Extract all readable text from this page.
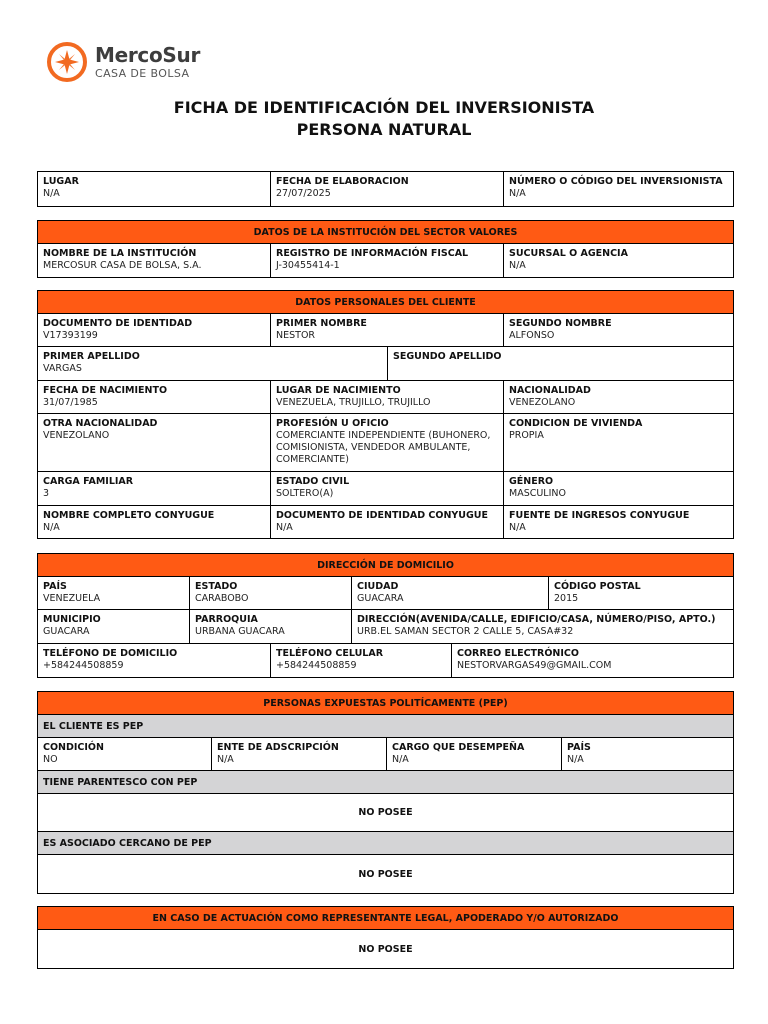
MercoSur
CASA DE BOLSA
FICHA DE IDENTIFICACIÓN DEL INVERSIONISTA
PERSONA NATURAL
LUGAR
N/A
FECHA DE ELABORACION
27/07/2025
NÚMERO O CÓDIGO DEL INVERSIONISTA
N/A
DATOS DE LA INSTITUCIÓN DEL SECTOR VALORES
NOMBRE DE LA INSTITUCIÓN
MERCOSUR CASA DE BOLSA, S.A.
REGISTRO DE INFORMACIÓN FISCAL
J-30455414-1
SUCURSAL O AGENCIA
N/A
DATOS PERSONALES DEL CLIENTE
DOCUMENTO DE IDENTIDAD
V17393199
PRIMER NOMBRE
NESTOR
SEGUNDO NOMBRE
ALFONSO
PRIMER APELLIDO
VARGAS
SEGUNDO APELLIDO
FECHA DE NACIMIENTO
31/07/1985
LUGAR DE NACIMIENTO
VENEZUELA, TRUJILLO, TRUJILLO
NACIONALIDAD
VENEZOLANO
OTRA NACIONALIDAD
VENEZOLANO
PROFESIÓN U OFICIO
COMERCIANTE INDEPENDIENTE (BUHONERO,
COMISIONISTA, VENDEDOR AMBULANTE,
COMERCIANTE)
CONDICION DE VIVIENDA
PROPIA
CARGA FAMILIAR
3
ESTADO CIVIL
SOLTERO(A)
GÉNERO
MASCULINO
NOMBRE COMPLETO CONYUGUE
N/A
DOCUMENTO DE IDENTIDAD CONYUGUE
N/A
FUENTE DE INGRESOS CONYUGUE
N/A
DIRECCIÓN DE DOMICILIO
PAÍS
VENEZUELA
ESTADO
CARABOBO
CIUDAD
GUACARA
CÓDIGO POSTAL
2015
MUNICIPIO
GUACARA
PARROQUIA
URBANA GUACARA
DIRECCIÓN(AVENIDA/CALLE, EDIFICIO/CASA, NÚMERO/PISO, APTO.)
URB.EL SAMAN SECTOR 2 CALLE 5, CASA#32
TELÉFONO DE DOMICILIO
+584244508859
TELÉFONO CELULAR
+584244508859
CORREO ELECTRÓNICO
NESTORVARGAS49@GMAIL.COM
PERSONAS EXPUESTAS POLITÍCAMENTE (PEP)
EL CLIENTE ES PEP
CONDICIÓN
NO
ENTE DE ADSCRIPCIÓN
N/A
CARGO QUE DESEMPEÑA
N/A
PAÍS
N/A
TIENE PARENTESCO CON PEP
NO POSEE
ES ASOCIADO CERCANO DE PEP
NO POSEE
EN CASO DE ACTUACIÓN COMO REPRESENTANTE LEGAL, APODERADO Y/O AUTORIZADO
NO POSEE
